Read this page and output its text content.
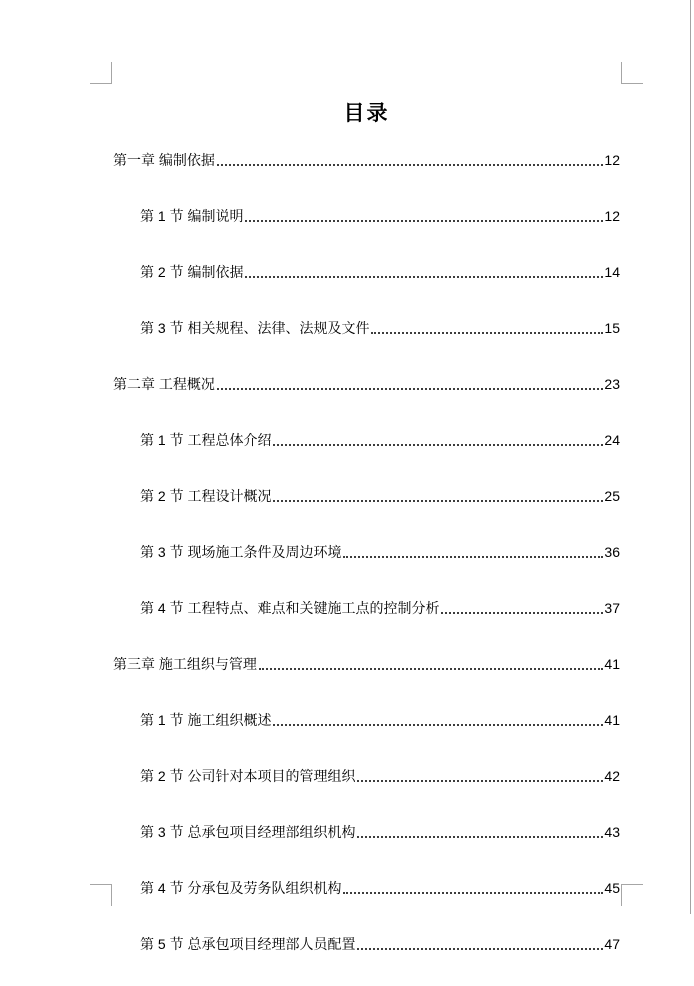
目录
第一章 编制依据	12
第 1 节 编制说明	12
第 2 节 编制依据	14
第 3 节 相关规程、法律、法规及文件	15
第二章 工程概况	23
第 1 节 工程总体介绍	24
第 2 节 工程设计概况	25
第 3 节 现场施工条件及周边环境	36
第 4 节 工程特点、难点和关键施工点的控制分析	37
第三章 施工组织与管理	41
第 1 节 施工组织概述	41
第 2 节 公司针对本项目的管理组织	42
第 3 节 总承包项目经理部组织机构	43
第 4 节 分承包及劳务队组织机构	45
第 5 节 总承包项目经理部人员配置	47
